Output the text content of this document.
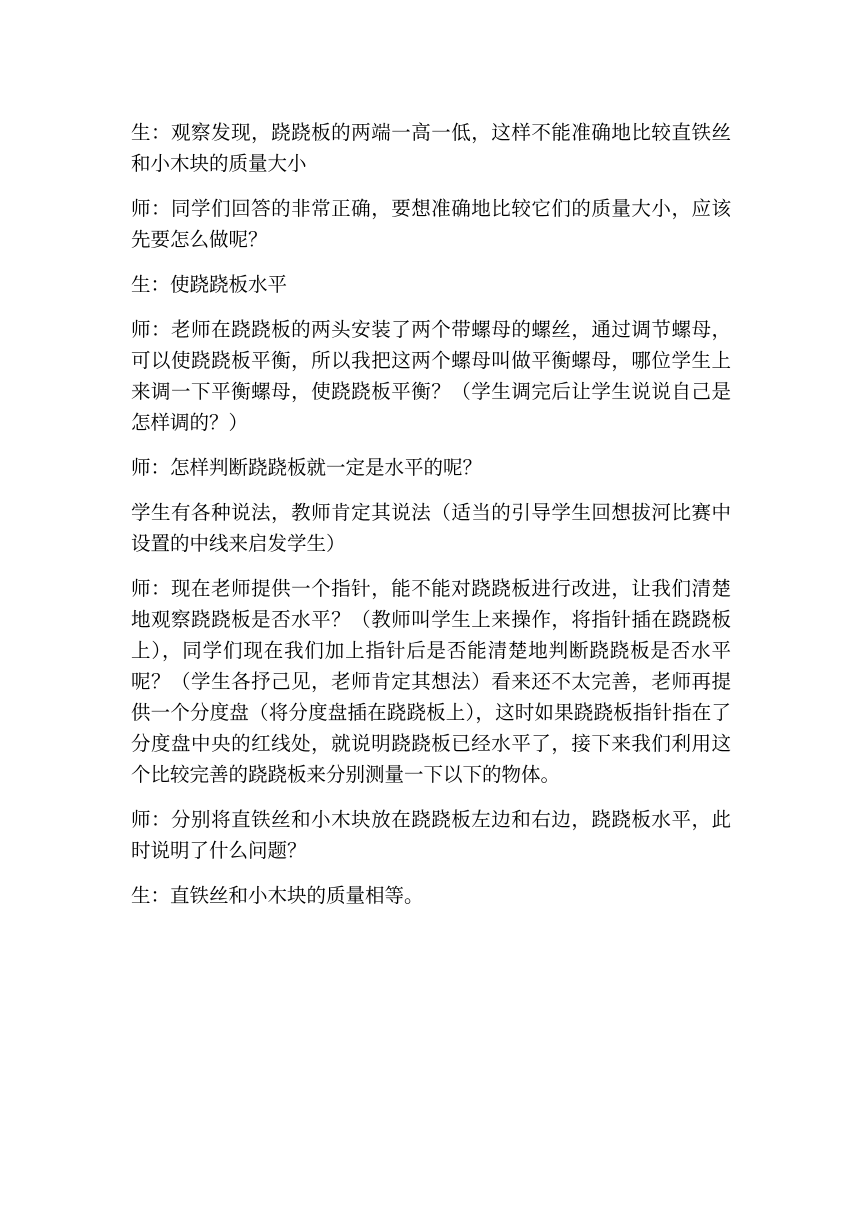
生：观察发现，跷跷板的两端一高一低，这样不能准确地比较直铁丝和小木块的质量大小

师：同学们回答的非常正确，要想准确地比较它们的质量大小，应该先要怎么做呢？

生：使跷跷板水平

师：老师在跷跷板的两头安装了两个带螺母的螺丝，通过调节螺母，可以使跷跷板平衡，所以我把这两个螺母叫做平衡螺母，哪位学生上来调一下平衡螺母，使跷跷板平衡？（学生调完后让学生说说自己是怎样调的？）

师：怎样判断跷跷板就一定是水平的呢？

学生有各种说法，教师肯定其说法（适当的引导学生回想拔河比赛中设置的中线来启发学生）

师：现在老师提供一个指针，能不能对跷跷板进行改进，让我们清楚地观察跷跷板是否水平？（教师叫学生上来操作，将指针插在跷跷板上），同学们现在我们加上指针后是否能清楚地判断跷跷板是否水平呢？（学生各抒己见，老师肯定其想法）看来还不太完善，老师再提供一个分度盘（将分度盘插在跷跷板上），这时如果跷跷板指针指在了分度盘中央的红线处，就说明跷跷板已经水平了，接下来我们利用这个比较完善的跷跷板来分别测量一下以下的物体。

师：分别将直铁丝和小木块放在跷跷板左边和右边，跷跷板水平，此时说明了什么问题？

生：直铁丝和小木块的质量相等。
